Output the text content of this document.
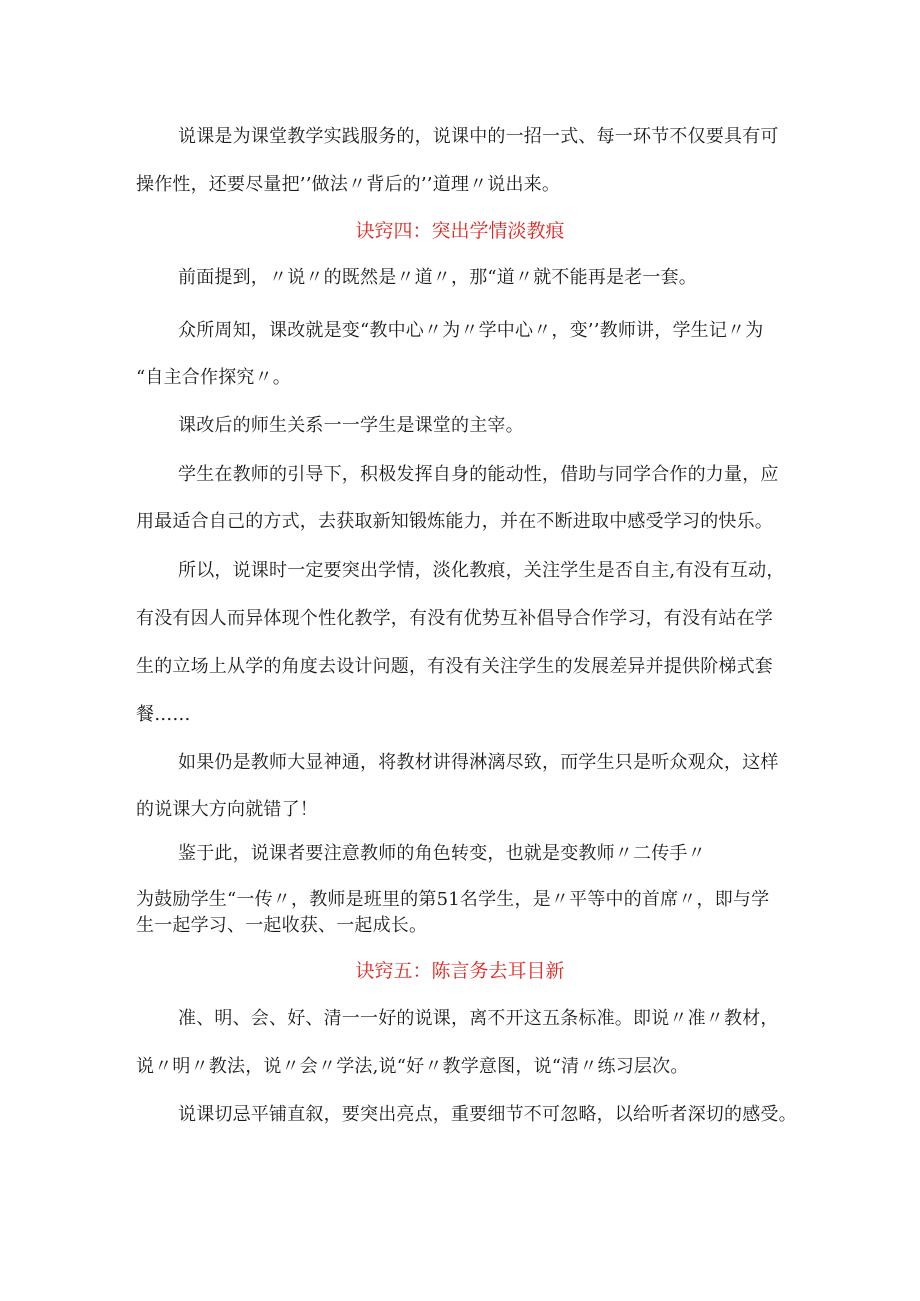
说课是为课堂教学实践服务的，说课中的一招一式、每一环节不仅要具有可
操作性，还要尽量把’’做法〃背后的’’道理〃说出来。
诀窍四：突出学情淡教痕
前面提到，〃说〃的既然是〃道〃，那“道〃就不能再是老一套。
众所周知，课改就是变“教中心〃为〃学中心〃，变’’教师讲，学生记〃为
“自主合作探究〃。
课改后的师生关系一一学生是课堂的主宰。
学生在教师的引导下，积极发挥自身的能动性，借助与同学合作的力量，应
用最适合自己的方式，去获取新知锻炼能力，并在不断进取中感受学习的快乐。
所以，说课时一定要突出学情，淡化教痕，关注学生是否自主,有没有互动，
有没有因人而异体现个性化教学，有没有优势互补倡导合作学习，有没有站在学
生的立场上从学的角度去设计问题，有没有关注学生的发展差异并提供阶梯式套
餐……
如果仍是教师大显神通，将教材讲得淋漓尽致，而学生只是听众观众，这样
的说课大方向就错了！
鉴于此，说课者要注意教师的角色转变，也就是变教师〃二传手〃
为鼓励学生“一传〃，教师是班里的第51名学生，是〃平等中的首席〃，即与学
生一起学习、一起收获、一起成长。
诀窍五：陈言务去耳目新
准、明、会、好、清一一好的说课，离不开这五条标准。即说〃准〃教材，
说〃明〃教法，说〃会〃学法,说“好〃教学意图，说“清〃练习层次。
说课切忌平铺直叙，要突出亮点，重要细节不可忽略，以给听者深切的感受。
